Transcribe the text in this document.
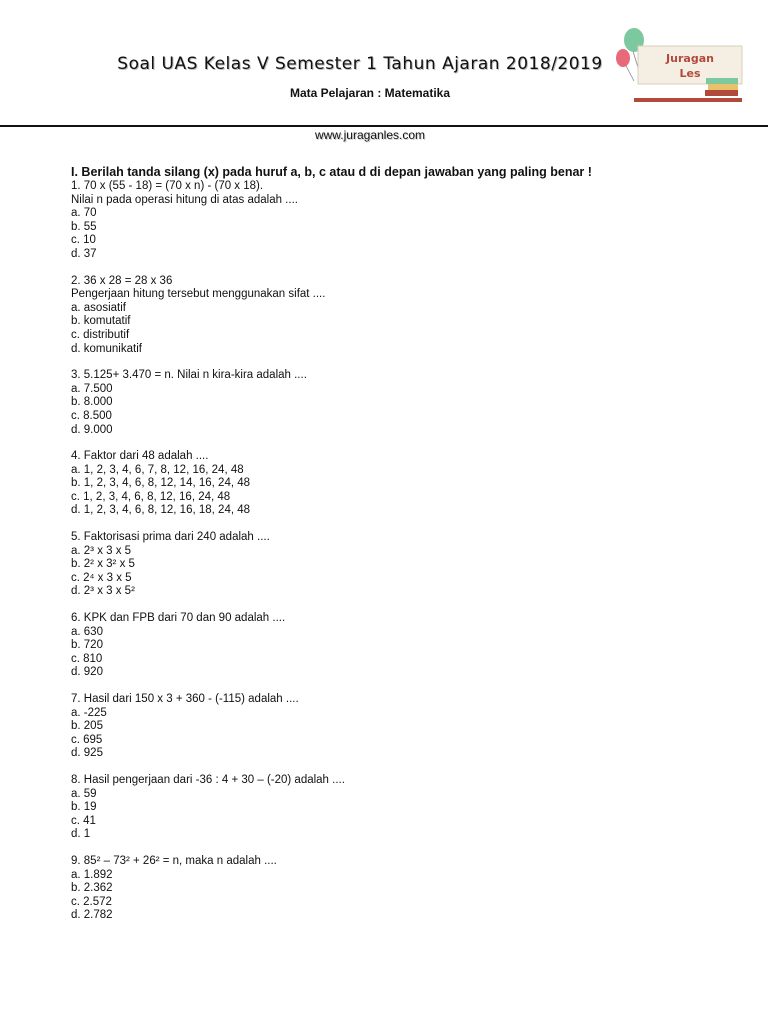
Soal UAS Kelas V Semester 1 Tahun Ajaran 2018/2019
Mata Pelajaran : Matematika
Juragan
Les
www.juraganles.com
I. Berilah tanda silang (x) pada huruf a, b, c atau d di depan jawaban yang paling benar !
1. 70 x (55 - 18) = (70 x n) - (70 x 18).
Nilai n pada operasi hitung di atas adalah ....
a. 70
b. 55
c. 10
d. 37
2. 36 x 28 = 28 x 36
Pengerjaan hitung tersebut menggunakan sifat ....
a. asosiatif
b. komutatif
c. distributif
d. komunikatif
3. 5.125+ 3.470 = n. Nilai n kira-kira adalah ....
a. 7.500
b. 8.000
c. 8.500
d. 9.000
4. Faktor dari 48 adalah ....
a. 1, 2, 3, 4, 6, 7, 8, 12, 16, 24, 48
b. 1, 2, 3, 4, 6, 8, 12, 14, 16, 24, 48
c. 1, 2, 3, 4, 6, 8, 12, 16, 24, 48
d. 1, 2, 3, 4, 6, 8, 12, 16, 18, 24, 48
5. Faktorisasi prima dari 240 adalah ....
a. 2³ x 3 x 5
b. 2² x 3² x 5
c. 2⁴ x 3 x 5
d. 2³ x 3 x 5²
6. KPK dan FPB dari 70 dan 90 adalah ....
a. 630
b. 720
c. 810
d. 920
7. Hasil dari 150 x 3 + 360 - (-115) adalah ....
a. -225
b. 205
c. 695
d. 925
8. Hasil pengerjaan dari -36 : 4 + 30 – (-20) adalah ....
a. 59
b. 19
c. 41
d. 1
9. 85² – 73² + 26² = n, maka n adalah ....
a. 1.892
b. 2.362
c. 2.572
d. 2.782
